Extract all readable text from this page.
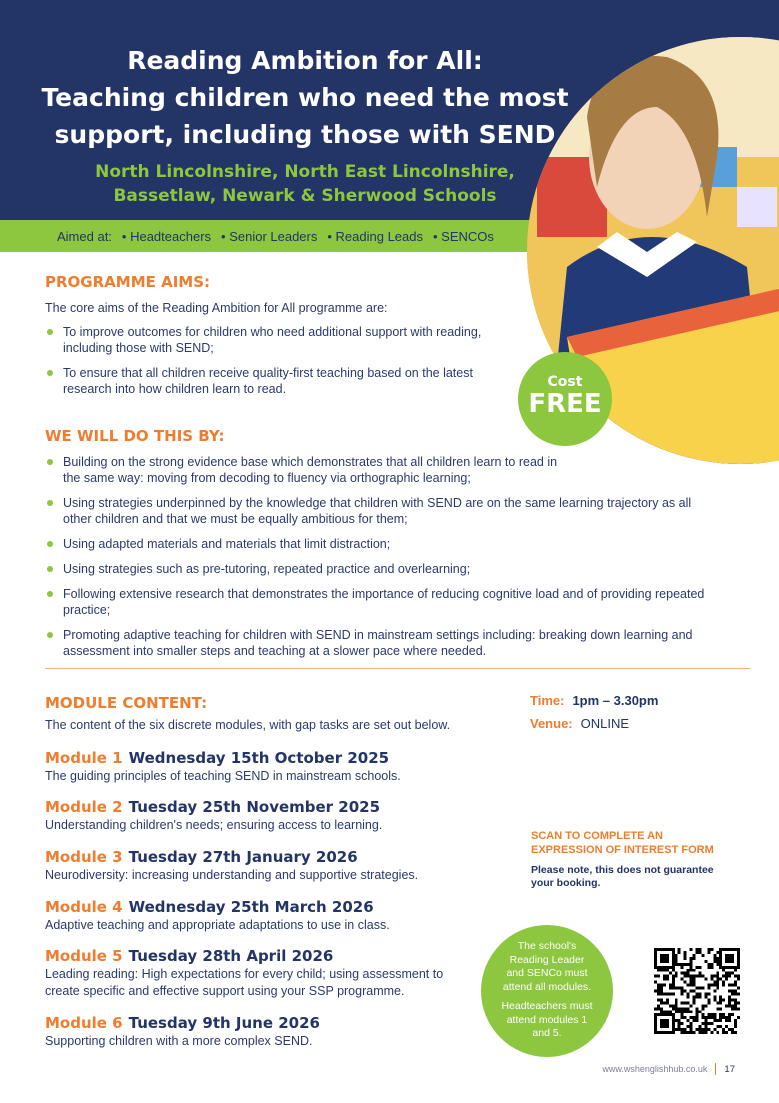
Reading Ambition for All:
Teaching children who need the most
support, including those with SEND
North Lincolnshire, North East Lincolnshire,
Bassetlaw, Newark & Sherwood Schools
Aimed at: • Headteachers • Senior Leaders • Reading Leads • SENCOs
Cost
FREE
PROGRAMME AIMS:

The core aims of the Reading Ambition for All programme are:

To improve outcomes for children who need additional support with reading, including those with SEND;
To ensure that all children receive quality-first teaching based on the latest research into how children learn to read.
WE WILL DO THIS BY:
Building on the strong evidence base which demonstrates that all children learn to read in the same way: moving from decoding to fluency via orthographic learning;
Using strategies underpinned by the knowledge that children with SEND are on the same learning trajectory as all other children and that we must be equally ambitious for them;
Using adapted materials and materials that limit distraction;
Using strategies such as pre-tutoring, repeated practice and overlearning;
Following extensive research that demonstrates the importance of reducing cognitive load and of providing repeated practice;
Promoting adaptive teaching for children with SEND in mainstream settings including: breaking down learning and assessment into smaller steps and teaching at a slower pace where needed.
MODULE CONTENT:

The content of the six discrete modules, with gap tasks are set out below.

Module 1 Wednesday 15th October 2025
The guiding principles of teaching SEND in mainstream schools.
Module 2 Tuesday 25th November 2025
Understanding children's needs; ensuring access to learning.
Module 3 Tuesday 27th January 2026
Neurodiversity: increasing understanding and supportive strategies.
Module 4 Wednesday 25th March 2026
Adaptive teaching and appropriate adaptations to use in class.
Module 5 Tuesday 28th April 2026
Leading reading: High expectations for every child; using assessment to create specific and effective support using your SSP programme.
Module 6 Tuesday 9th June 2026
Supporting children with a more complex SEND.
Time: 1pm – 3.30pm
Venue: ONLINE
SCAN TO COMPLETE AN EXPRESSION OF INTEREST FORM
Please note, this does not guarantee your booking.
The school's Reading Leader and SENCo must attend all modules.
Headteachers must attend modules 1 and 5.
www.wshenglishhub.co.uk 17
